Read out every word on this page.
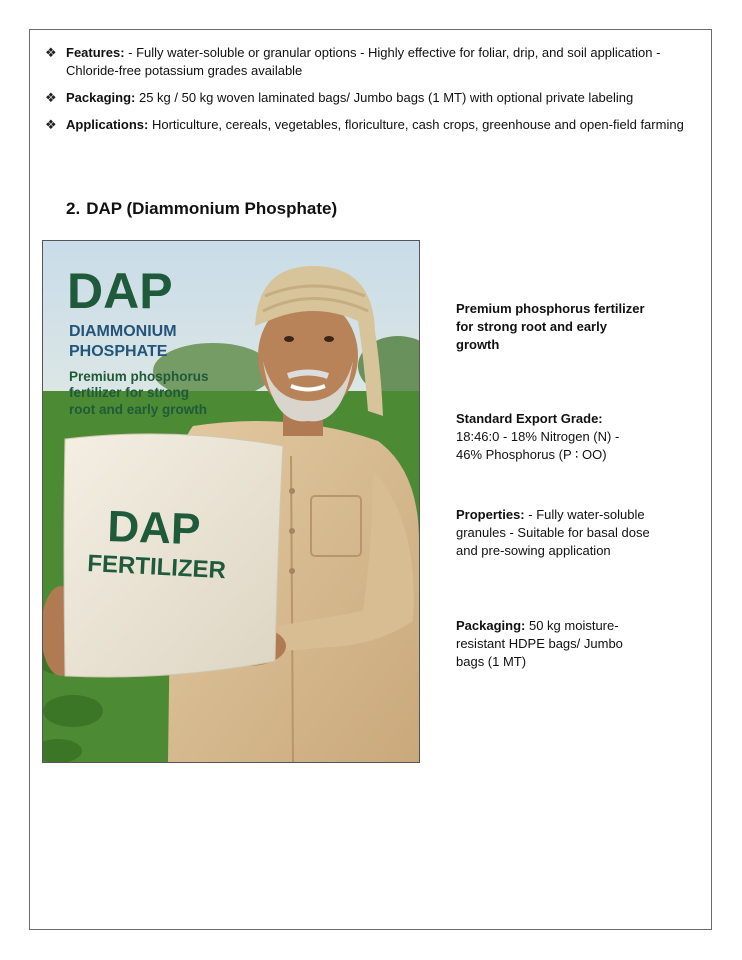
❖ Features: - Fully water-soluble or granular options - Highly effective for foliar, drip, and soil application - Chloride-free potassium grades available
❖ Packaging: 25 kg / 50 kg woven laminated bags/ Jumbo bags (1 MT) with optional private labeling
❖ Applications: Horticulture, cereals, vegetables, floriculture, cash crops, greenhouse and open-field farming
2. DAP (Diammonium Phosphate)
DAP
DIAMMONIUM
PHOSPHATE
Premium phosphorus
fertilizer for strong
root and early growth
DAP
FERTILIZER
Premium phosphorus fertilizer
for strong root and early growth
Standard Export Grade:
18:46:0 - 18% Nitrogen (N) - 46% Phosphorus (P ∶ OO)
Properties: - Fully water-soluble granules - Suitable for basal dose and pre-sowing application
Packaging: 50 kg moisture-resistant HDPE bags/ Jumbo bags (1 MT)
